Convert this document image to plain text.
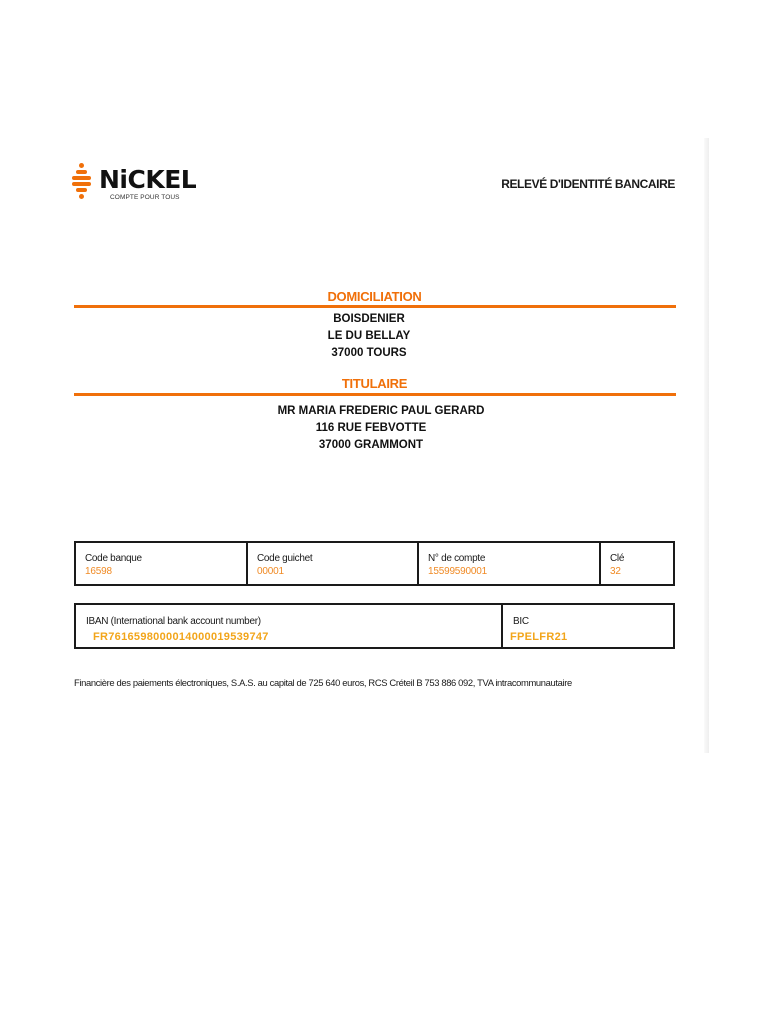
NiCKEL
COMPTE POUR TOUS
RELEVÉ D'IDENTITÉ BANCAIRE
DOMICILIATION
BOISDENIER
LE DU BELLAY
37000 TOURS
TITULAIRE
MR MARIA FREDERIC PAUL GERARD
116 RUE FEBVOTTE
37000 GRAMMONT
Code banque
16598
Code guichet
00001
N° de compte
15599590001
Clé
32
IBAN (International bank account number)
FR7616598000014000019539747
BIC
FPELFR21
Financière des paiements électroniques, S.A.S. au capital de 725 640 euros, RCS Créteil B 753 886 092, TVA intracommunautaire
